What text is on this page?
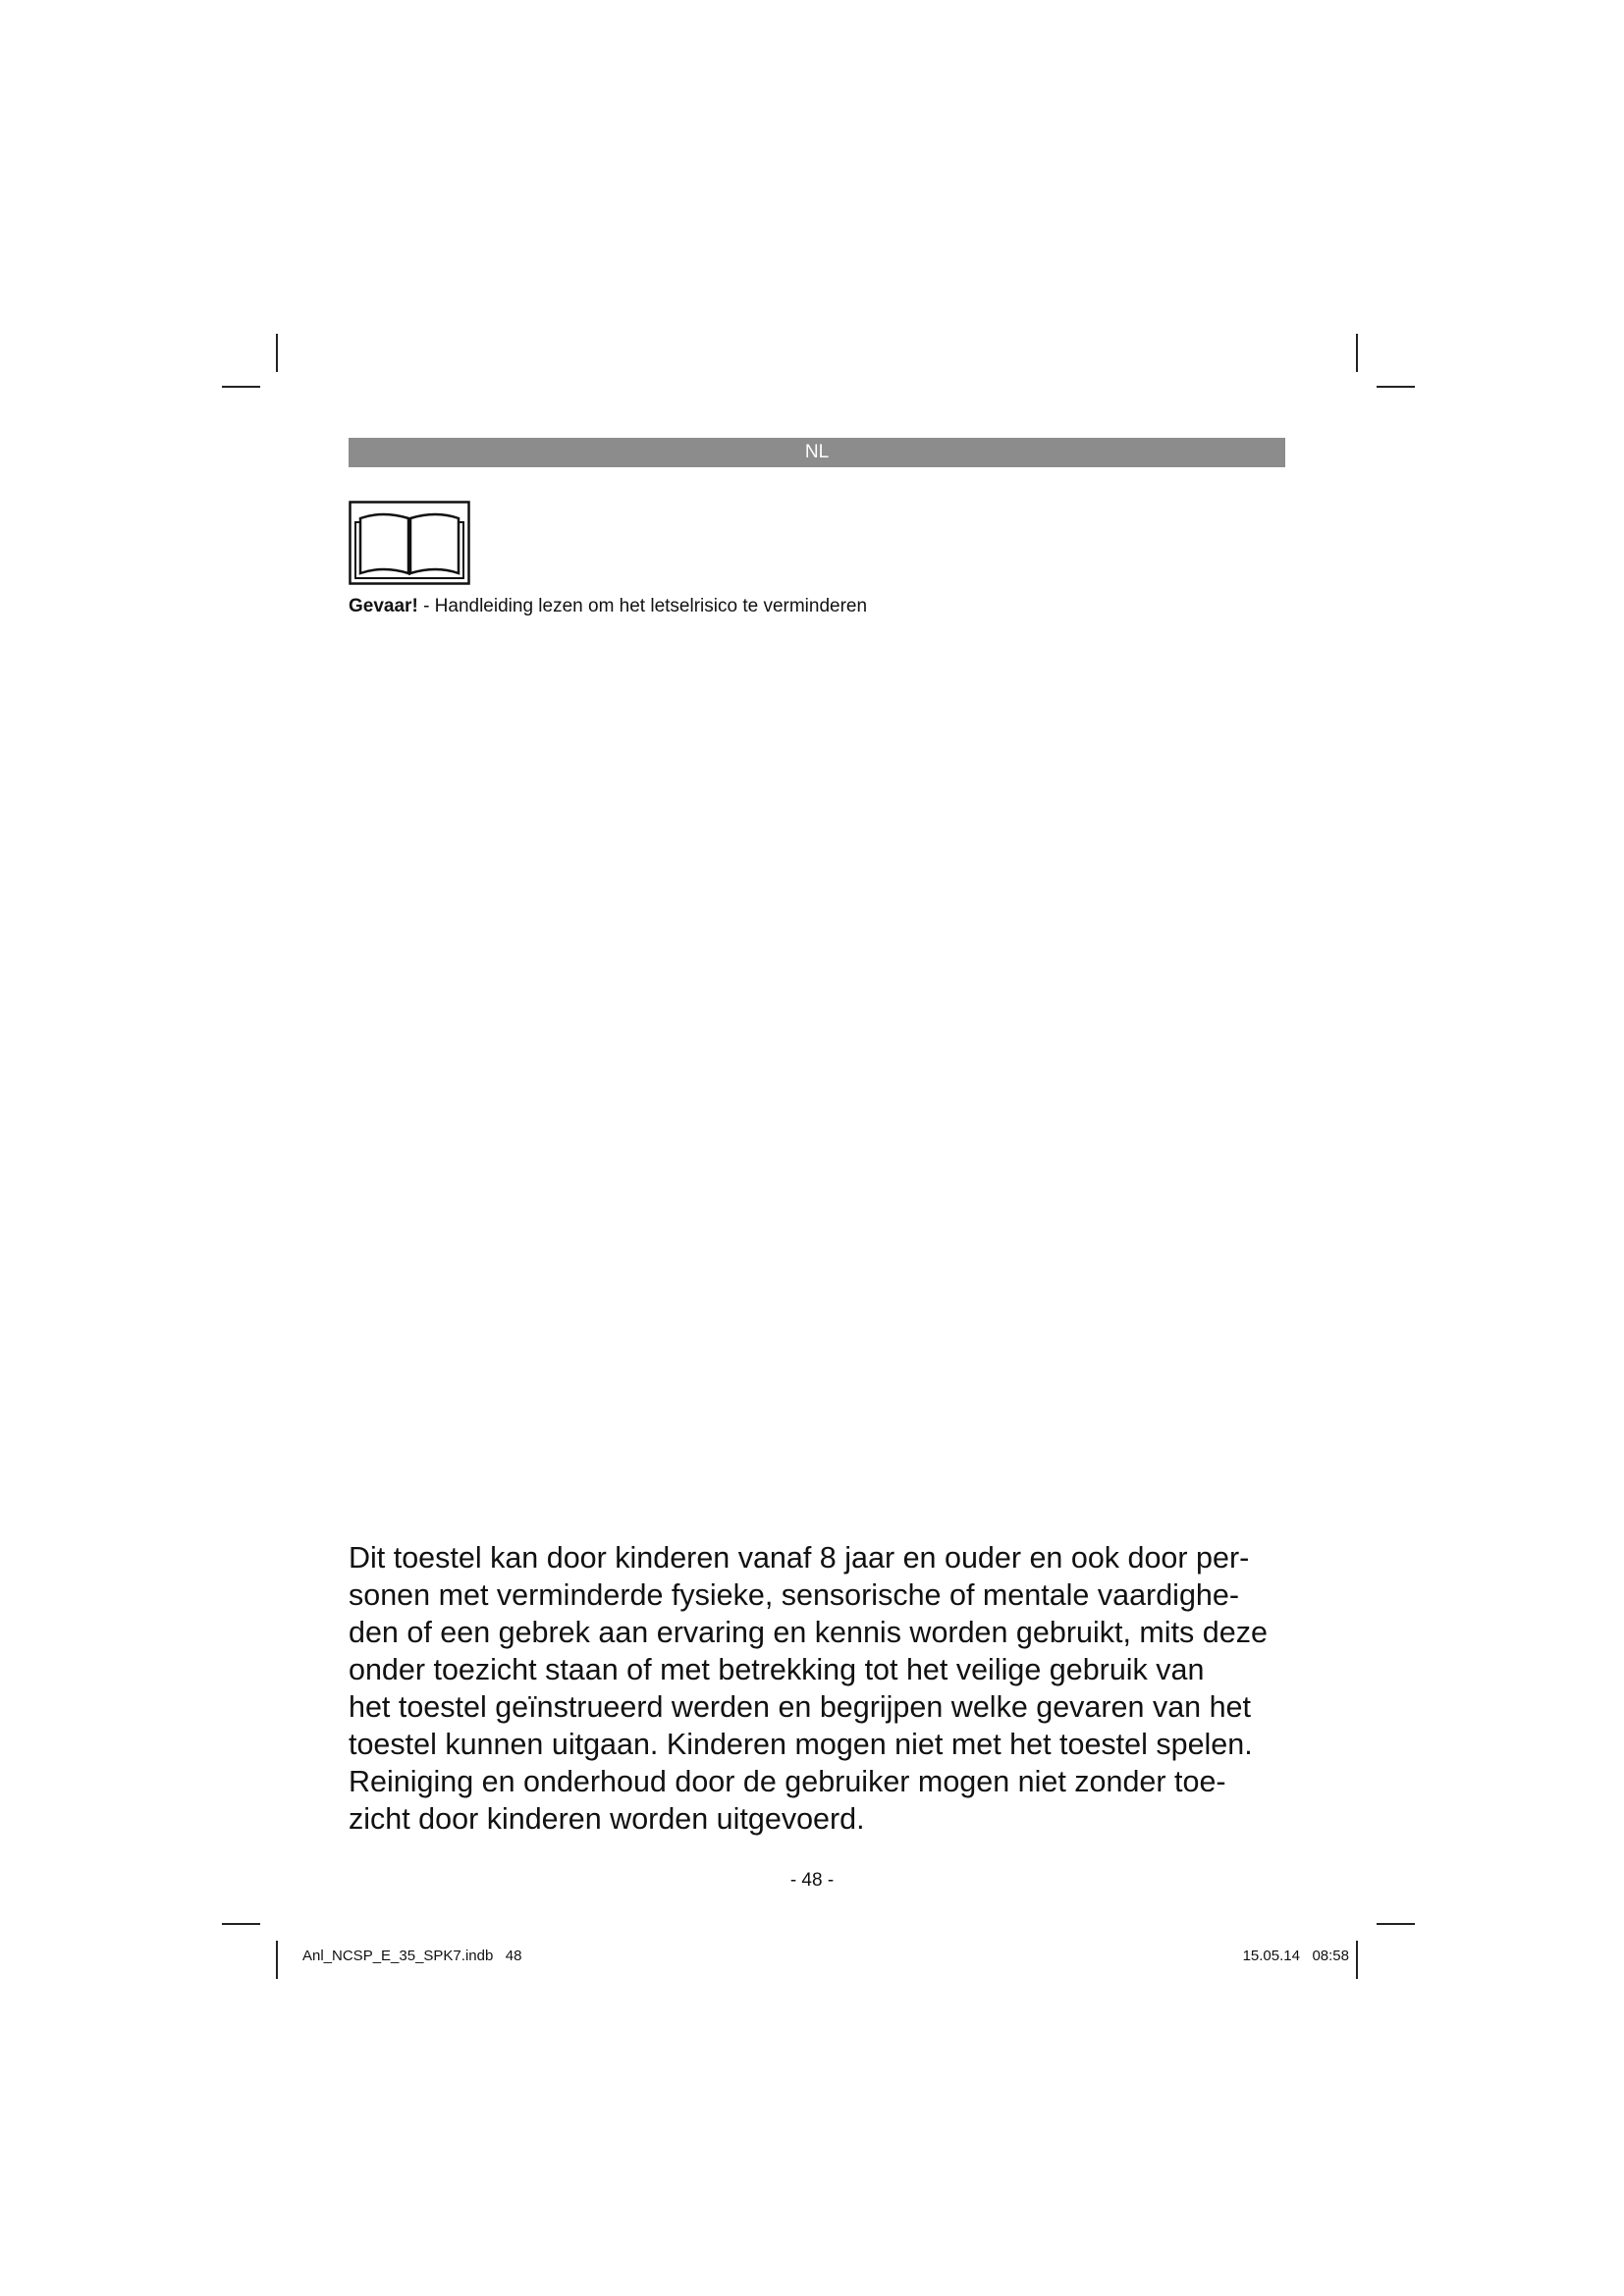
NL
Gevaar! - Handleiding lezen om het letselrisico te verminderen
Dit toestel kan door kinderen vanaf 8 jaar en ouder en ook door per-
sonen met verminderde fysieke, sensorische of mentale vaardighe-
den of een gebrek aan ervaring en kennis worden gebruikt, mits deze
onder toezicht staan of met betrekking tot het veilige gebruik van
het toestel geïnstrueerd werden en begrijpen welke gevaren van het
toestel kunnen uitgaan. Kinderen mogen niet met het toestel spelen.
Reiniging en onderhoud door de gebruiker mogen niet zonder toe-
zicht door kinderen worden uitgevoerd.
- 48 -
Anl_NCSP_E_35_SPK7.indb   48	15.05.14   08:58
